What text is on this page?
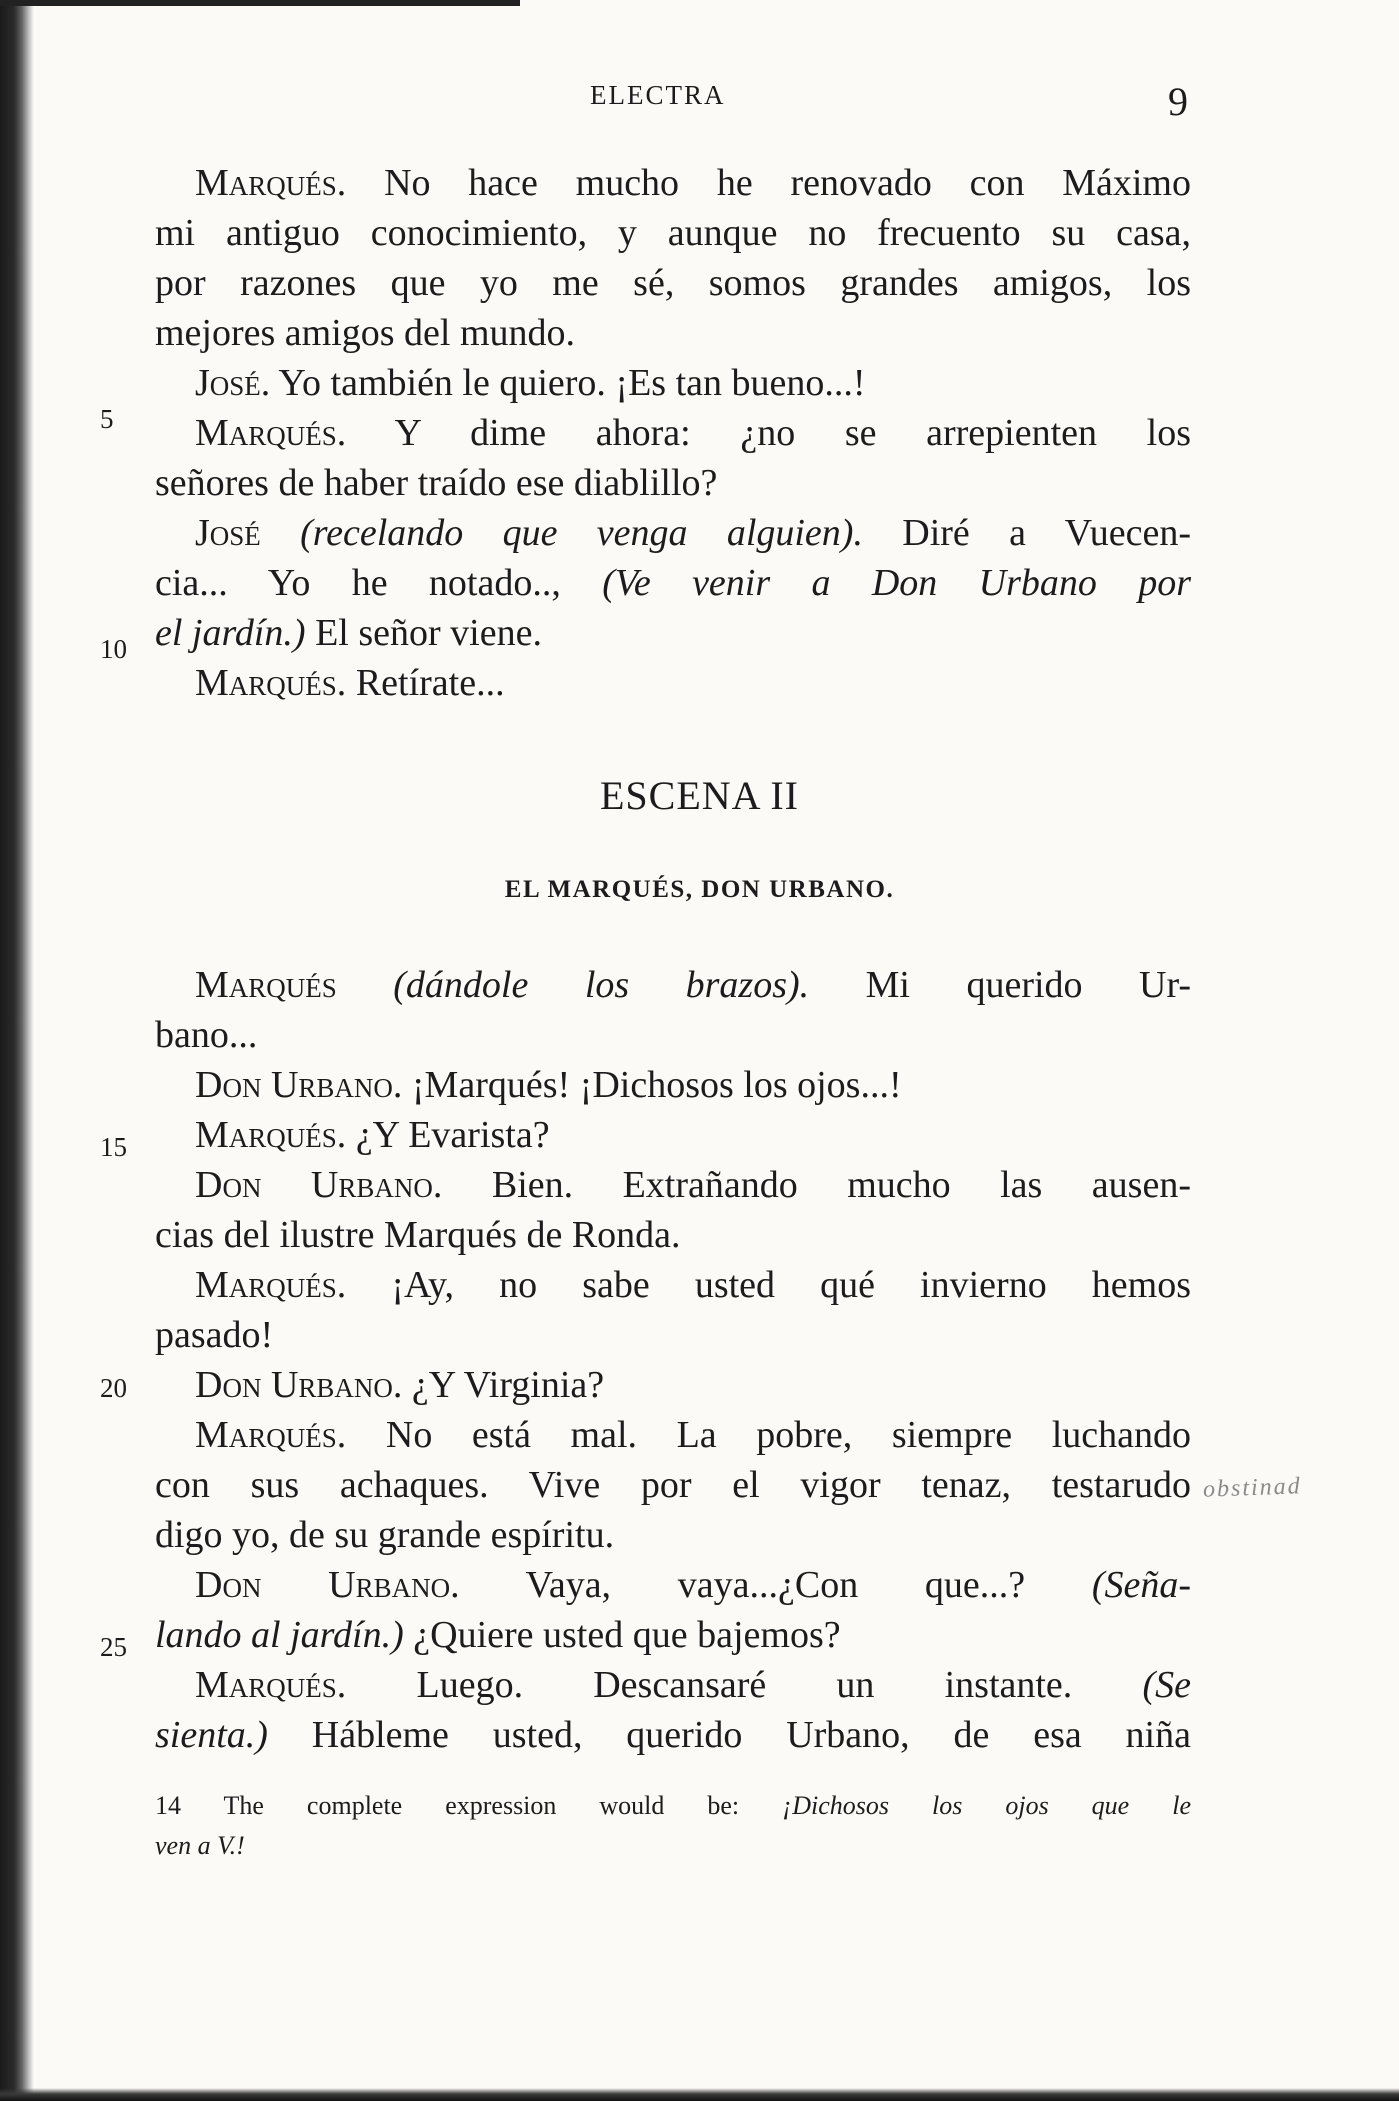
ELECTRA	9
Marqués. No hace mucho he renovado con Máximo
mi antiguo conocimiento, y aunque no frecuento su casa,
por razones que yo me sé, somos grandes amigos, los
mejores amigos del mundo.
José. Yo también le quiero. ¡Es tan bueno...!
Marqués. Y dime ahora: ¿no se arrepienten los
señores de haber traído ese diablillo?
José (recelando que venga alguien). Diré a Vuecen-
cia... Yo he notado.., (Ve venir a Don Urbano por
el jardín.) El señor viene.
Marqués. Retírate...
5
10
ESCENA II
EL MARQUÉS, DON URBANO.
Marqués (dándole los brazos). Mi querido Ur-
bano...
Don Urbano. ¡Marqués! ¡Dichosos los ojos...!
Marqués. ¿Y Evarista?
Don Urbano. Bien. Extrañando mucho las ausen-
cias del ilustre Marqués de Ronda.
Marqués. ¡Ay, no sabe usted qué invierno hemos
pasado!
Don Urbano. ¿Y Virginia?
Marqués. No está mal. La pobre, siempre luchando
con sus achaques. Vive por el vigor tenaz, testarudo
digo yo, de su grande espíritu.
Don Urbano. Vaya, vaya...¿Con que...? (Seña-
lando al jardín.) ¿Quiere usted que bajemos?
Marqués. Luego. Descansaré un instante. (Se
sienta.) Hábleme usted, querido Urbano, de esa niña
15
20
25
obstinad
14 The complete expression would be: ¡Dichosos los ojos que le
ven a V.!
